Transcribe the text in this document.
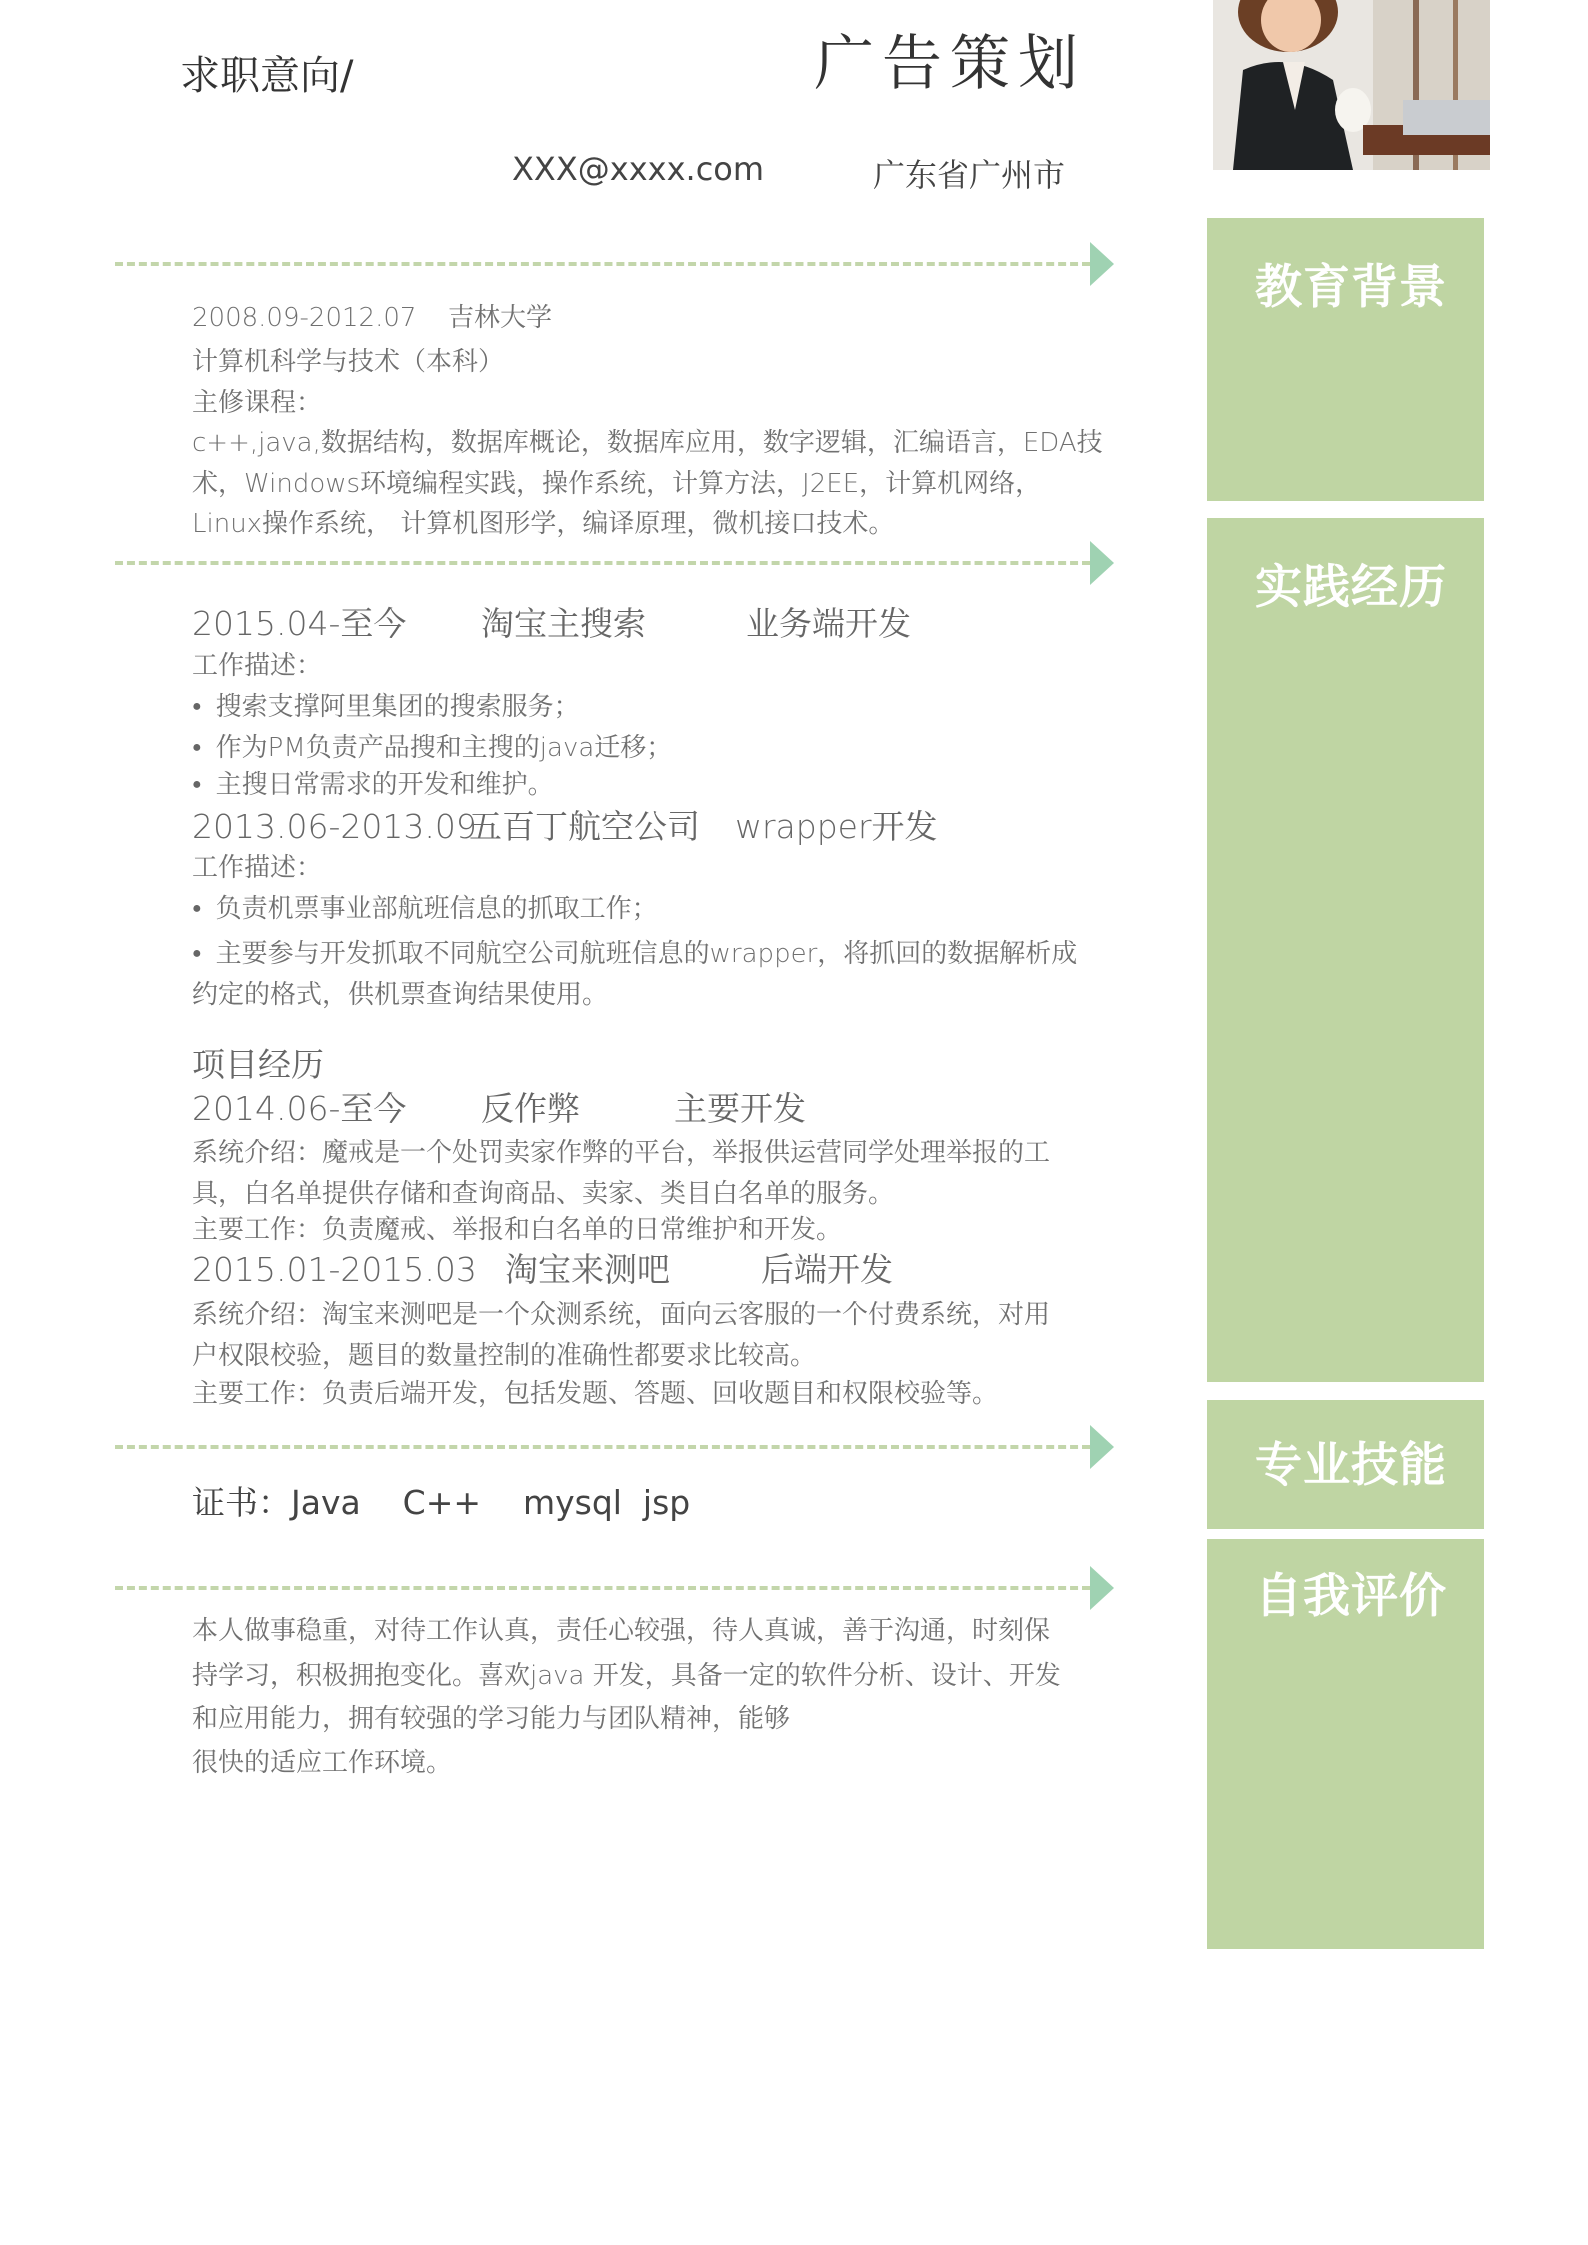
求职意向/	广告策划
XXX@xxxx.com	广东省广州市
教育背景
实践经历
专业技能
自我评价
2008.09-2012.07 吉林大学
计算机科学与技术（本科）
主修课程：
c++,java,数据结构，数据库概论，数据库应用，数字逻辑，汇编语言，EDA技
术，Windows环境编程实践，操作系统，计算方法，J2EE，计算机网络，
Linux操作系统， 计算机图形学，编译原理，微机接口技术。
2015.04-至今 淘宝主搜索	业务端开发
工作描述：
● 搜索支撑阿里集团的搜索服务；
● 作为PM负责产品搜和主搜的java迁移；
● 主搜日常需求的开发和维护。
2013.06-2013.09
五百丁航空公司 wrapper开发
工作描述：
● 负责机票事业部航班信息的抓取工作；
● 主要参与开发抓取不同航空公司航班信息的wrapper，将抓回的数据解析成
约定的格式，供机票查询结果使用。
项目经历
2014.06-至今 反作弊	主要开发
系统介绍：魔戒是一个处罚卖家作弊的平台，举报供运营同学处理举报的工
具，白名单提供存储和查询商品、卖家、类目白名单的服务。
主要工作：负责魔戒、举报和白名单的日常维护和开发。
2015.01-2015.03 淘宝来测吧	后端开发
系统介绍：淘宝来测吧是一个众测系统，面向云客服的一个付费系统，对用
户权限校验，题目的数量控制的准确性都要求比较高。
主要工作：负责后端开发，包括发题、答题、回收题目和权限校验等。
证书：Java    C++    mysql  jsp
本人做事稳重，对待工作认真，责任心较强，待人真诚，善于沟通，时刻保
持学习，积极拥抱变化。喜欢java 开发，具备一定的软件分析、设计、开发
和应用能力，拥有较强的学习能力与团队精神，能够
很快的适应工作环境。
